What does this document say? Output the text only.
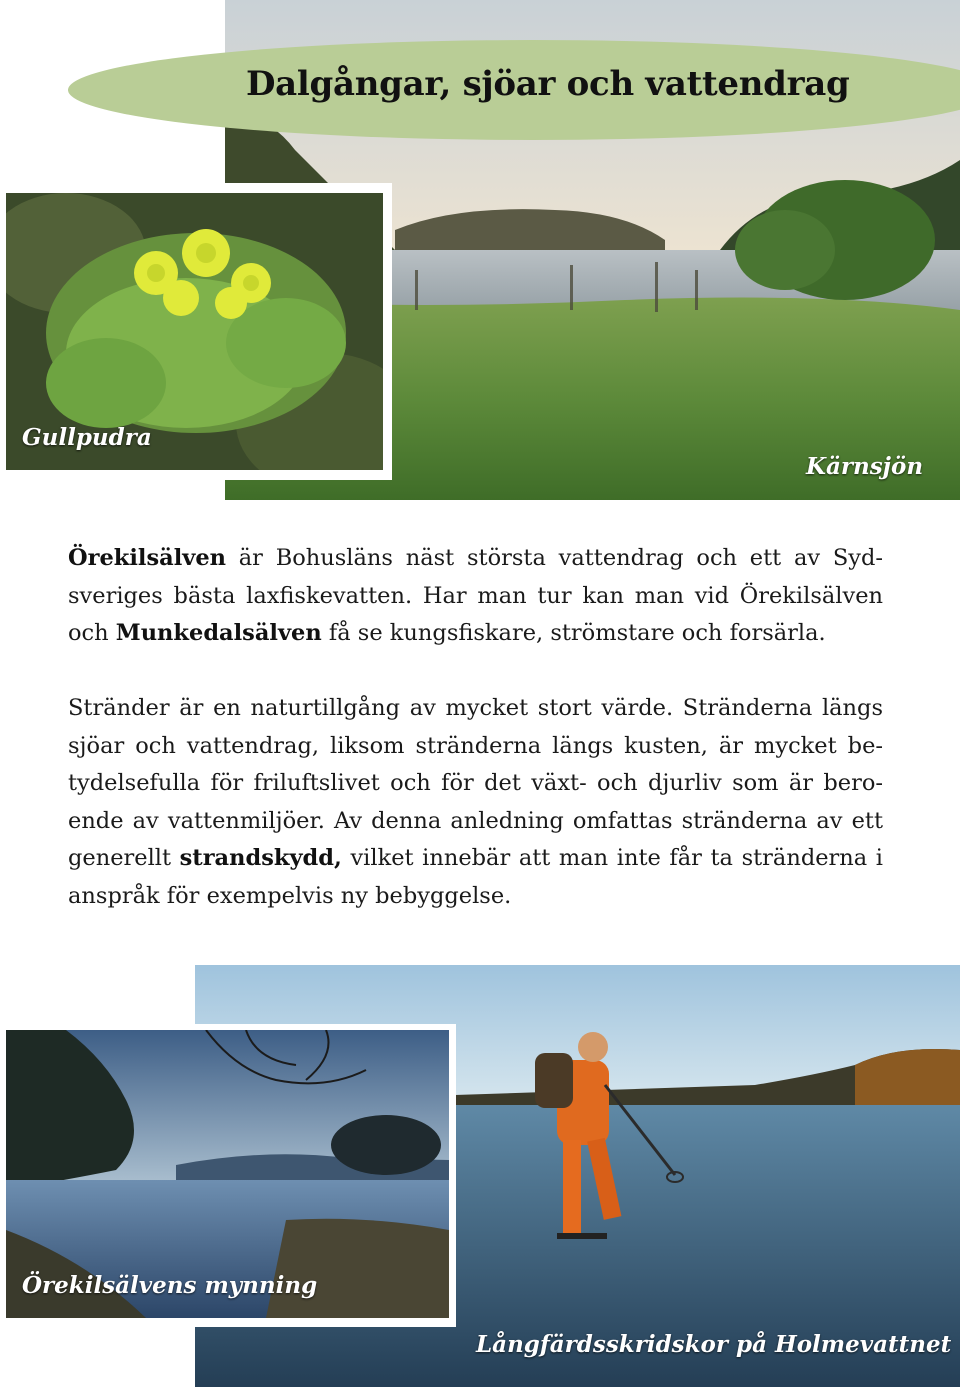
Dalgångar, sjöar och vattendrag
Gullpudra
Kärnsjön
Örekilsälven är Bohusläns näst största vattendrag och ett av Sydsveriges bästa laxfiskevatten. Har man tur kan man vid Örekilsälven och Munkedalsälven få se kungsfiskare, strömstare och forsärla.
Stränder är en naturtillgång av mycket stort värde. Stränderna längs sjöar och vattendrag, liksom stränderna längs kusten, är mycket betydelsefulla för friluftslivet och för det växt- och djurliv som är beroende av vattenmiljöer. Av denna anledning omfattas stränderna av ett generellt strandskydd, vilket innebär att man inte får ta stränderna i anspråk för exempelvis ny bebyggelse.
Örekilsälvens mynning
Långfärdsskridskor på Holmevattnet
